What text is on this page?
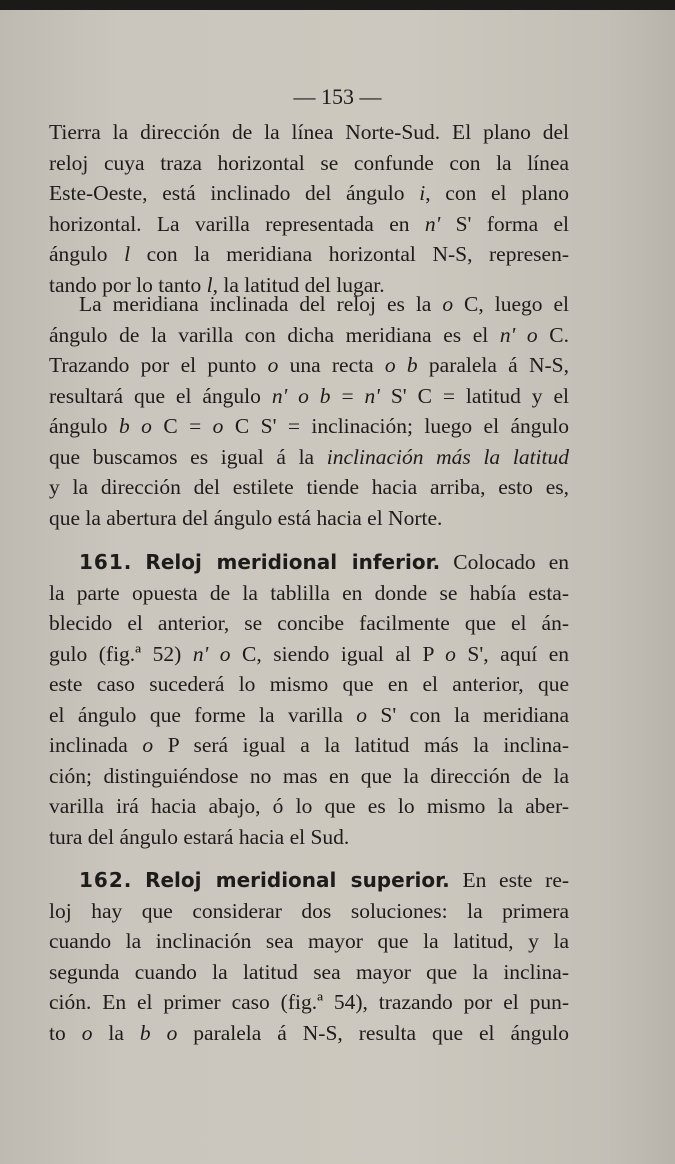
— 153 —
Tierra la dirección de la línea Norte-Sud. El plano del
reloj cuya traza horizontal se confunde con la línea
Este-Oeste, está inclinado del ángulo i, con el plano
horizontal. La varilla representada en n' S' forma el
ángulo l con la meridiana horizontal N-S, represen-
tando por lo tanto l, la latitud del lugar.
La meridiana inclinada del reloj es la o C, luego el
ángulo de la varilla con dicha meridiana es el n' o C.
Trazando por el punto o una recta o b paralela á N-S,
resultará que el ángulo n' o b = n' S' C = latitud y el
ángulo b o C = o C S' = inclinación; luego el ángulo
que buscamos es igual á la inclinación más la latitud
y la dirección del estilete tiende hacia arriba, esto es,
que la abertura del ángulo está hacia el Norte.
161. Reloj meridional inferior. Colocado en
la parte opuesta de la tablilla en donde se había esta-
blecido el anterior, se concibe facilmente que el án-
gulo (fig.ª 52) n' o C, siendo igual al P o S', aquí en
este caso sucederá lo mismo que en el anterior, que
el ángulo que forme la varilla o S' con la meridiana
inclinada o P será igual a la latitud más la inclina-
ción; distinguiéndose no mas en que la dirección de la
varilla irá hacia abajo, ó lo que es lo mismo la aber-
tura del ángulo estará hacia el Sud.
162. Reloj meridional superior. En este re-
loj hay que considerar dos soluciones: la primera
cuando la inclinación sea mayor que la latitud, y la
segunda cuando la latitud sea mayor que la inclina-
ción. En el primer caso (fig.ª 54), trazando por el pun-
to o la b o paralela á N-S, resulta que el ángulo
